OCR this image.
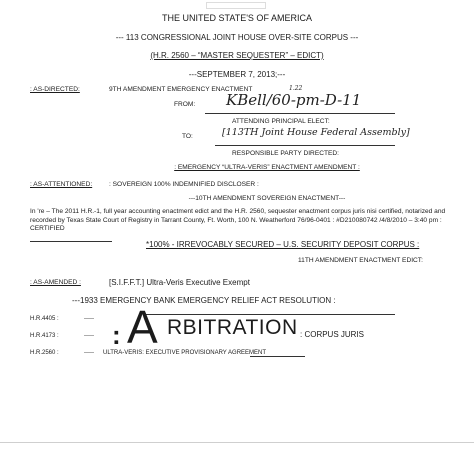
THE UNITED STATE'S OF AMERICA
--- 113 CONGRESSIONAL JOINT HOUSE OVER-SITE CORPUS ---
(H.R. 2560 – “MASTER SEQUESTER” – EDICT)
---SEPTEMBER 7, 2013;---
: AS-DIRECTED:	9TH AMENDMENT EMERGENCY ENACTMENT
FROM: KBell/60-pm-D-11
1.22
ATTENDING PRINCIPAL ELECT:
TO:	[113TH Joint House Federal Assembly]
RESPONSIBLE PARTY DIRECTED:
: EMERGENCY “ULTRA-VERIS” ENACTMENT AMENDMENT :
: AS-ATTENTIONED:	: SOVEREIGN 100% INDEMNIFIED DISCLOSER :
---10TH AMENDMENT SOVEREIGN ENACTMENT---
In 're – The 2011 H.R.-1, full year accounting enactment edict and the H.R. 2560, sequester enactment corpus juris nisi certified, notarized and recorded by Texas State Court of Registry in Tarrant County, Ft. Worth, 100 N. Weatherford 76/96-0401 : #D210080742 /4/8/2010 – 3:40 pm : CERTIFIED
*100% - IRREVOCABLY SECURED – U.S. SECURITY DEPOSIT CORPUS :
11TH AMENDMENT ENACTMENT EDICT:
: AS-AMENDED :	[S.I.F.F.T.] Ultra-Veris Executive Exempt
---1933 EMERGENCY BANK EMERGENCY RELIEF ACT RESOLUTION :
H.R.4405 :	-----
H.R.4173 :	-----
H.R.2560 :	----- ULTRA-VERIS: EXECUTIVE PROVISIONARY AGREEMENT
: A RBITRATION : CORPUS JURIS
